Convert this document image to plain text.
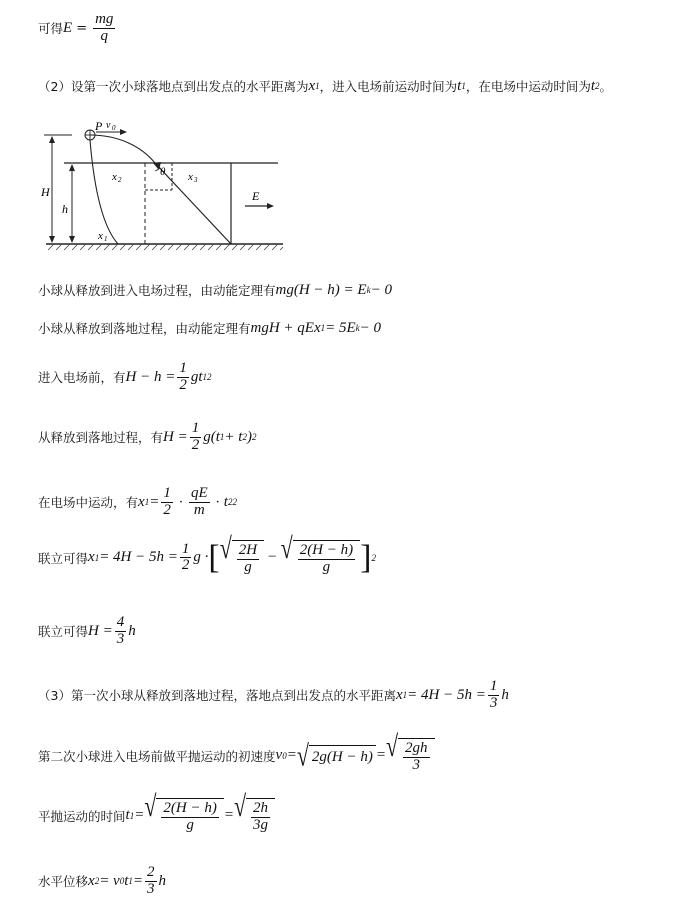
可得 $E = \frac{mg}{q}$
（2）设第一次小球落地点到出发点的水平距离为 x 1 ，进入电场前运动时间为 t 1 ，在电场中运动时间为 t 2 。
P v 0
H
h
x 2
θ x 3
x 1
E
小球从释放到进入电场过程，由动能定理有 mg(H − h) = E k − 0
小球从释放到落地过程，由动能定理有 mgH + qEx 1 = 5E k − 0
进入电场前，有 $H - h = \frac{1}{2}$ gt 1 2
从释放到落地过程，有 $H = \frac{1}{2} g(t$ 1 + t 2 ) 2
在电场中运动，有 x $1 = \frac{1}{2} \cdot \frac{qE}{m} \cdot t$ 2 2
联立可得 x $1 = 4H - 5h = \frac{1}{2}$ g · [ √ $\frac{2H}{g}$ − √ $\frac{2(H - h)}{g}$ ] 2
联立可得 $H = \frac{4}{3}$ h
（3）第一次小球从释放到落地过程，落地点到出发点的水平距离 x $1 = 4H - 5h = \frac{1}{3}$ h
第二次小球进入电场前做平抛运动的初速度 v 0 = √ 2g(H − h) = √ $\frac{2gh}{3}$
平抛运动的时间 t 1 = √ $\frac{2(H - h)}{g}$ = √ $\frac{2h}{3g}$
水平位移 x 2 = v 0 t $1 = \frac{2}{3}$ h
